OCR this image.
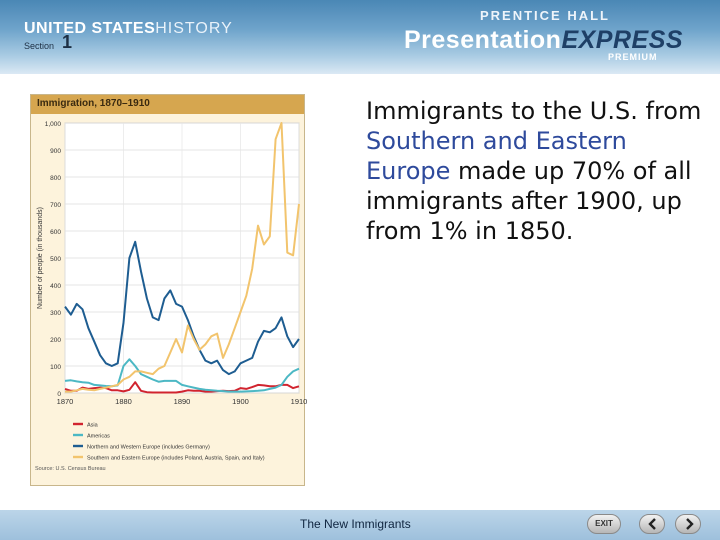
UNITED STATESHISTORY
Section 1
PRENTICE HALL
PresentationEXPRESS
PREMIUM
Immigration, 1870–1910
0
100
200
300
400
500
600
700
800
900
1,000
1870	1880	1890	1900	1910
Number of people (in thousands)
Asia
Americas
Northern and Western Europe (includes Germany)
Southern and Eastern Europe (includes Poland, Austria, Spain, and Italy)
Source: U.S. Census Bureau

Immigrants to the U.S. from Southern and Eastern Europe made up 70% of all immigrants after 1900, up from 1% in 1850.

The New Immigrants	EXIT
